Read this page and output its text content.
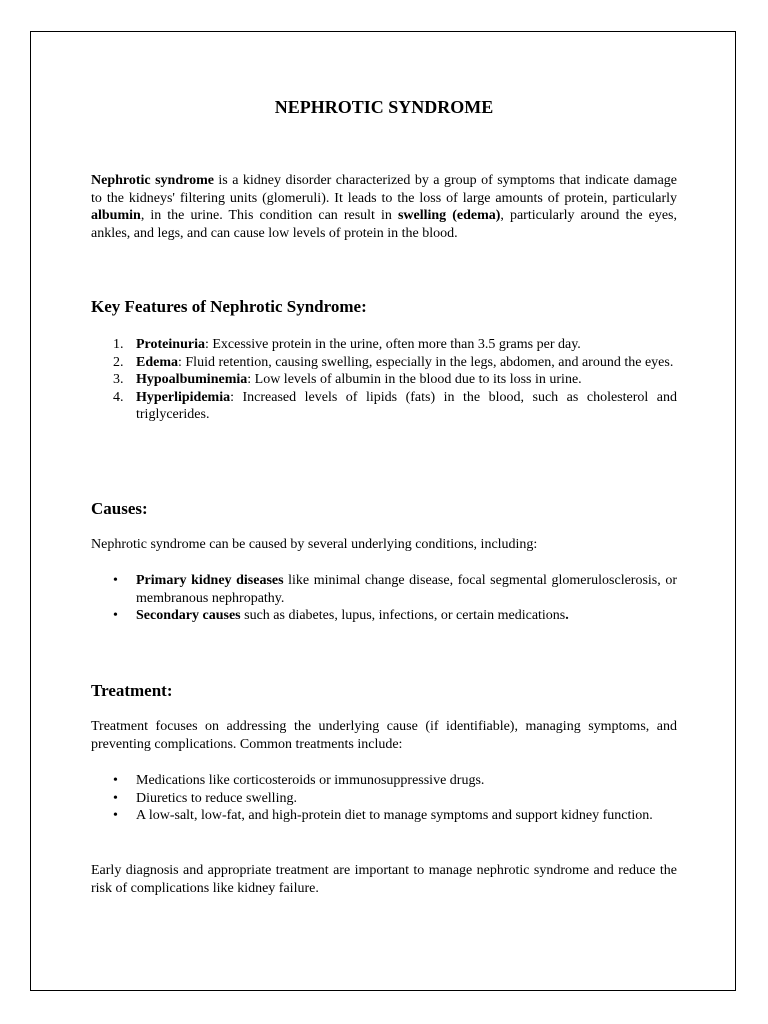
NEPHROTIC SYNDROME

Nephrotic syndrome is a kidney disorder characterized by a group of symptoms that indicate damage to the kidneys' filtering units (glomeruli). It leads to the loss of large amounts of protein, particularly albumin, in the urine. This condition can result in swelling (edema), particularly around the eyes, ankles, and legs, and can cause low levels of protein in the blood.

Key Features of Nephrotic Syndrome:
1. Proteinuria: Excessive protein in the urine, often more than 3.5 grams per day.
2. Edema: Fluid retention, causing swelling, especially in the legs, abdomen, and around the eyes.
3. Hypoalbuminemia: Low levels of albumin in the blood due to its loss in urine.
4. Hyperlipidemia: Increased levels of lipids (fats) in the blood, such as cholesterol and triglycerides.
Causes:

Nephrotic syndrome can be caused by several underlying conditions, including:

•	Primary kidney diseases like minimal change disease, focal segmental glomerulosclerosis, or membranous nephropathy.
•	Secondary causes such as diabetes, lupus, infections, or certain medications.
Treatment:

Treatment focuses on addressing the underlying cause (if identifiable), managing symptoms, and preventing complications. Common treatments include:

•	Medications like corticosteroids or immunosuppressive drugs.
•	Diuretics to reduce swelling.
•	A low-salt, low-fat, and high-protein diet to manage symptoms and support kidney function.

Early diagnosis and appropriate treatment are important to manage nephrotic syndrome and reduce the risk of complications like kidney failure.
